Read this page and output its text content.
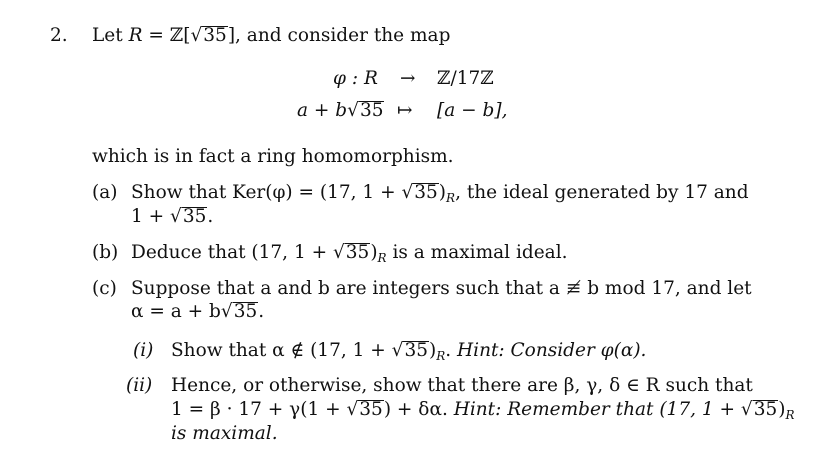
2. Let R = ℤ[√35], and consider the map
φ : R → ℤ/17ℤ
a + b√35 ↦ [a − b],
which is in fact a ring homomorphism.
(a) Show that Ker(φ) = (17, $1 + √35)_R$, the ideal generated by 17 and
1 + √35.
(b) Deduce that (17, $1 + √35)_R$ is a maximal ideal.
(c) Suppose that a and b are integers such that a ≢ b mod 17, and let
α = a + b√35.
(i) Show that α ∉ (17, $1 + √35)_R$. Hint: Consider φ(α).
(ii) Hence, or otherwise, show that there are β, γ, δ ∈ R such that
1 = β · 17 + γ(1 + √35) + δα. Hint: Remember that (17, $1 + √35)_R$
is maximal.
